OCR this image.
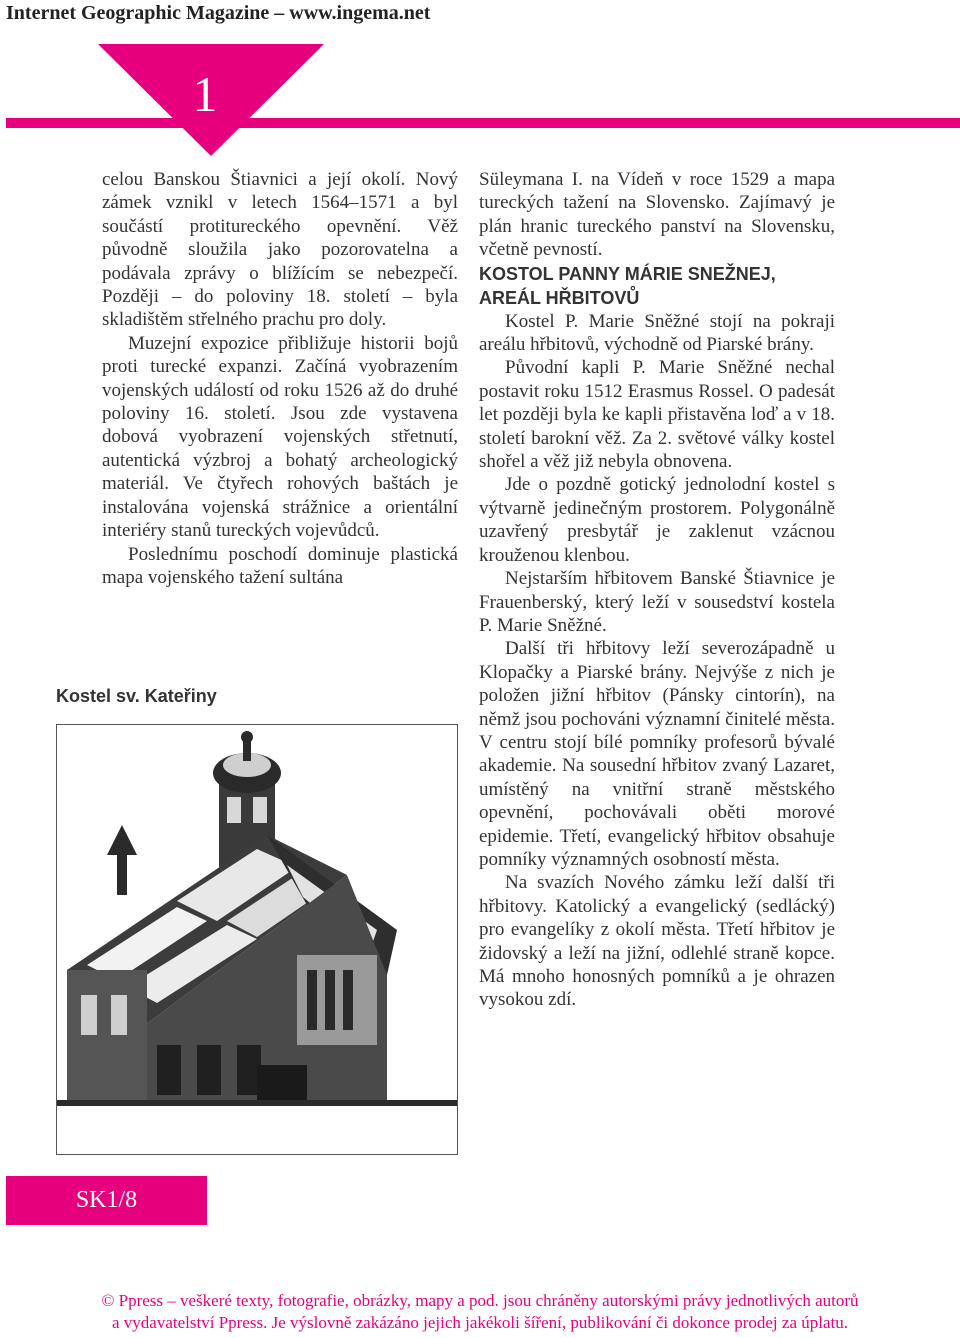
Internet Geographic Magazine – www.ingema.net
1

celou Banskou Štiavnici a její okolí. Nový zámek vznikl v letech 1564–1571 a byl součástí protitureckého opevnění. Věž původně sloužila jako pozorovatelna a podávala zprávy o blížícím se nebezpečí. Později – do poloviny 18. století – byla skladištěm střelného prachu pro doly.

Muzejní expozice přibližuje historii bojů proti turecké expanzi. Začíná vyobrazením vojenských událostí od roku 1526 až do druhé poloviny 16. století. Jsou zde vystavena dobová vyobrazení vojenských střetnutí, autentická výzbroj a bohatý archeologický materiál. Ve čtyřech rohových baštách je instalována vojenská strážnice a orientální interiéry stanů tureckých vojevůdců.

Poslednímu poschodí dominuje plastická mapa vojenského tažení sultána

Kostel sv. Kateřiny

Süleymana I. na Vídeň v roce 1529 a mapa tureckých tažení na Slovensko. Zajímavý je plán hranic tureckého panství na Slovensku, včetně pevností.

KOSTOL PANNY MÁRIE SNEŽNEJ, AREÁL HŘBITOVŮ

Kostel P. Marie Sněžné stojí na pokraji areálu hřbitovů, východně od Piarské brány.

Původní kapli P. Marie Sněžné nechal postavit roku 1512 Erasmus Rossel. O padesát let později byla ke kapli přistavěna loď a v 18. století barokní věž. Za 2. světové války kostel shořel a věž již nebyla obnovena.

Jde o pozdně gotický jednolodní kostel s výtvarně jedinečným prostorem. Polygonálně uzavřený presbytář je zaklenut vzácnou krouženou klenbou.

Nejstarším hřbitovem Banské Štiavnice je Frauenberský, který leží v sousedství kostela P. Marie Sněžné.

Další tři hřbitovy leží severozápadně u Klopačky a Piarské brány. Nejvýše z nich je položen jižní hřbitov (Pánsky cintorín), na němž jsou pochováni významní činitelé města. V centru stojí bílé pomníky profesorů bývalé akademie. Na sousední hřbitov zvaný Lazaret, umístěný na vnitřní straně městského opevnění, pochovávali oběti morové epidemie. Třetí, evangelický hřbitov obsahuje pomníky významných osobností města.

Na svazích Nového zámku leží další tři hřbitovy. Katolický a evangelický (sedlácký) pro evangelíky z okolí města. Třetí hřbitov je židovský a leží na jižní, odlehlé straně kopce. Má mnoho honosných pomníků a je ohrazen vysokou zdí.

SK1/8
© Ppress – veškeré texty, fotografie, obrázky, mapy a pod. jsou chráněny autorskými právy jednotlivých autorů
a vydavatelství Ppress. Je výslovně zakázáno jejich jakékoli šíření, publikování či dokonce prodej za úplatu.
